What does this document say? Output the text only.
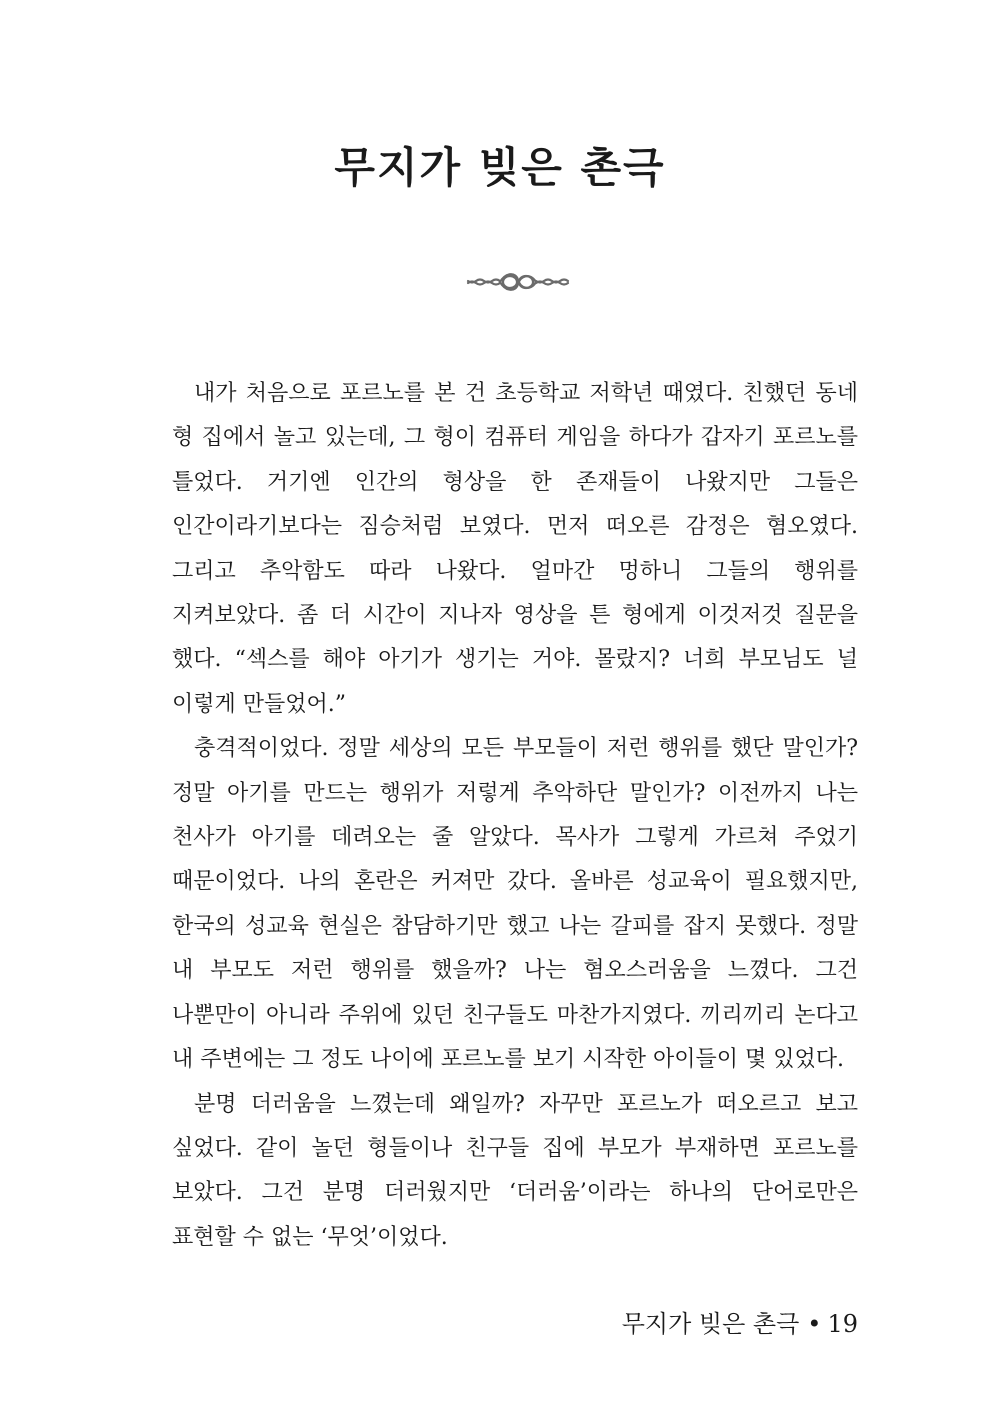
무지가 빚은 촌극

내가 처음으로 포르노를 본 건 초등학교 저학년 때였다. 친했던 동네 형 집에서 놀고 있는데, 그 형이 컴퓨터 게임을 하다가 갑자기 포르노를 틀었다. 거기엔 인간의 형상을 한 존재들이 나왔지만 그들은 인간이라기보다는 짐승처럼 보였다. 먼저 떠오른 감정은 혐오였다. 그리고 추악함도 따라 나왔다. 얼마간 멍하니 그들의 행위를 지켜보았다. 좀 더 시간이 지나자 영상을 튼 형에게 이것저것 질문을 했다. “섹스를 해야 아기가 생기는 거야. 몰랐지? 너희 부모님도 널 이렇게 만들었어.”

충격적이었다. 정말 세상의 모든 부모들이 저런 행위를 했단 말인가? 정말 아기를 만드는 행위가 저렇게 추악하단 말인가? 이전까지 나는 천사가 아기를 데려오는 줄 알았다. 목사가 그렇게 가르쳐 주었기 때문이었다. 나의 혼란은 커져만 갔다. 올바른 성교육이 필요했지만, 한국의 성교육 현실은 참담하기만 했고 나는 갈피를 잡지 못했다. 정말 내 부모도 저런 행위를 했을까? 나는 혐오스러움을 느꼈다. 그건 나뿐만이 아니라 주위에 있던 친구들도 마찬가지였다. 끼리끼리 논다고 내 주변에는 그 정도 나이에 포르노를 보기 시작한 아이들이 몇 있었다.

분명 더러움을 느꼈는데 왜일까? 자꾸만 포르노가 떠오르고 보고 싶었다. 같이 놀던 형들이나 친구들 집에 부모가 부재하면 포르노를 보았다. 그건 분명 더러웠지만 ‘더러움’이라는 하나의 단어로만은 표현할 수 없는 ‘무엇’이었다.

무지가 빚은 촌극 • 19
